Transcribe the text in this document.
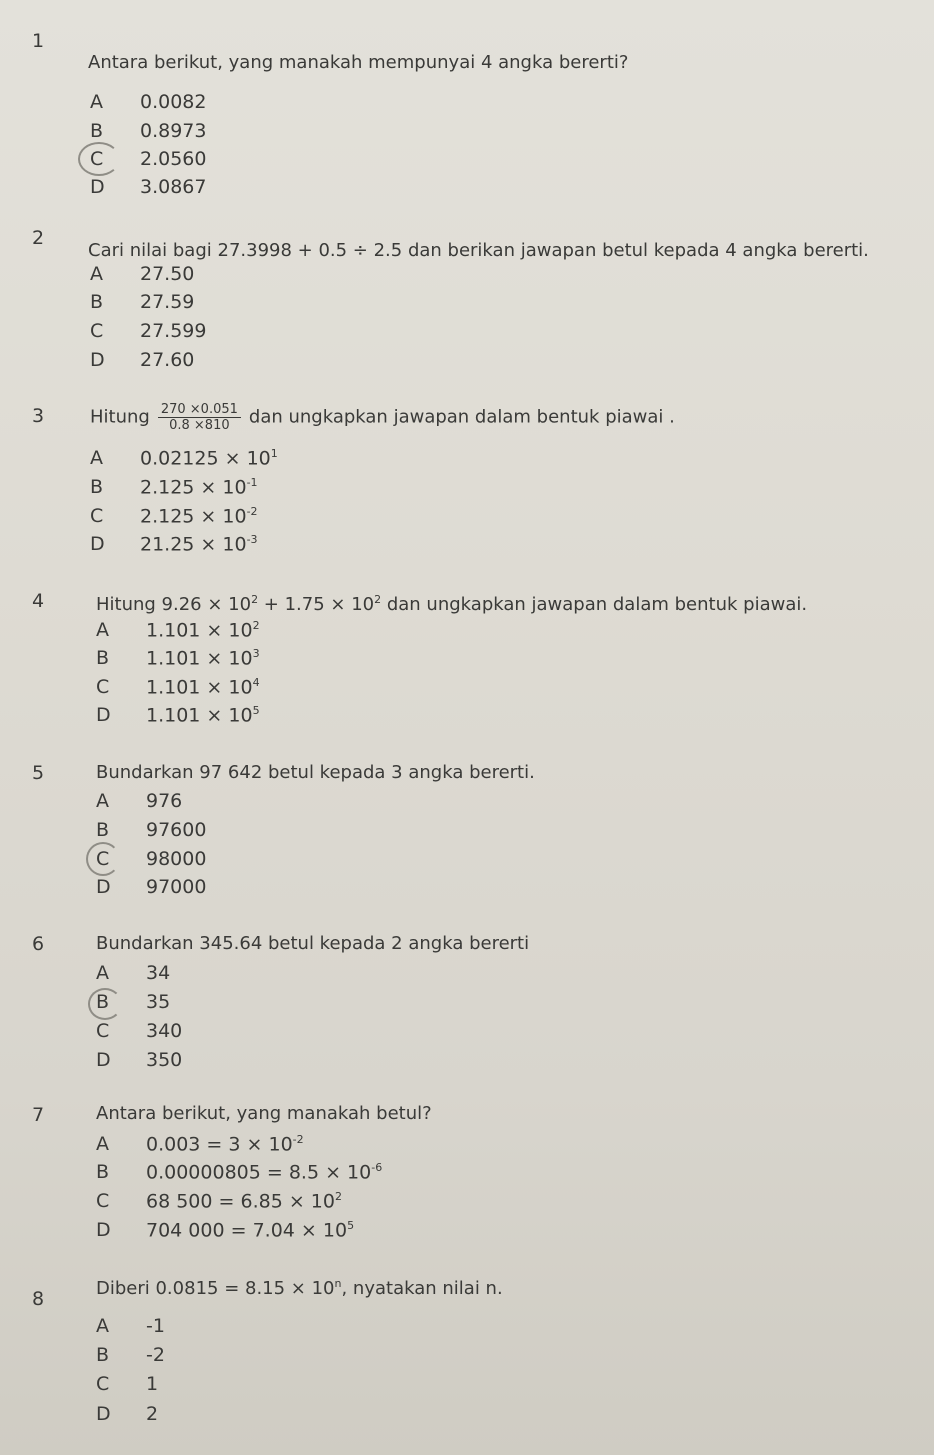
1
Antara berikut, yang manakah mempunyai 4 angka bererti?
A 0.0082
B 0.8973
C 2.0560
D 3.0867
2
Cari nilai bagi 27.3998 + 0.5 ÷ 2.5 dan berikan jawapan betul kepada 4 angka bererti.
A 27.50
B 27.59
C 27.599
D 27.60
3	Hitung $\frac{270 \times 0.051}{0.8 \times 810}$ dan ungkapkan jawapan dalam bentuk piawai .
A $0.02125 \times 10^1$
B $2.125 \times 10^{-1}$
C $2.125 \times 10^{-2}$
D $21.25 \times 10^{-3}$
4	Hitung $9.26 \times 10^2 + 1.75 \times 10^2$ dan ungkapkan jawapan dalam bentuk piawai.
A $1.101 \times 10^2$
B $1.101 \times 10^3$
C $1.101 \times 10^4$
D $1.101 \times 10^5$
5	Bundarkan 97 642 betul kepada 3 angka bererti.
A 976
B 97600
C 98000
D 97000
6	Bundarkan 345.64 betul kepada 2 angka bererti
A 34
B 35
C 340
D 350
7	Antara berikut, yang manakah betul?
A $0.003 = 3 \times 10^{-2}$
B $0.00000805 = 8.5 \times 10^{-6}$
C 68 $500 = 6.85 \times 10^2$
D 704 $000 = 7.04 \times 10^5$
8	Diberi $0.0815 = 8.15 \times 10^n$, nyatakan nilai n.
A -1
B -2
C 1
D 2
